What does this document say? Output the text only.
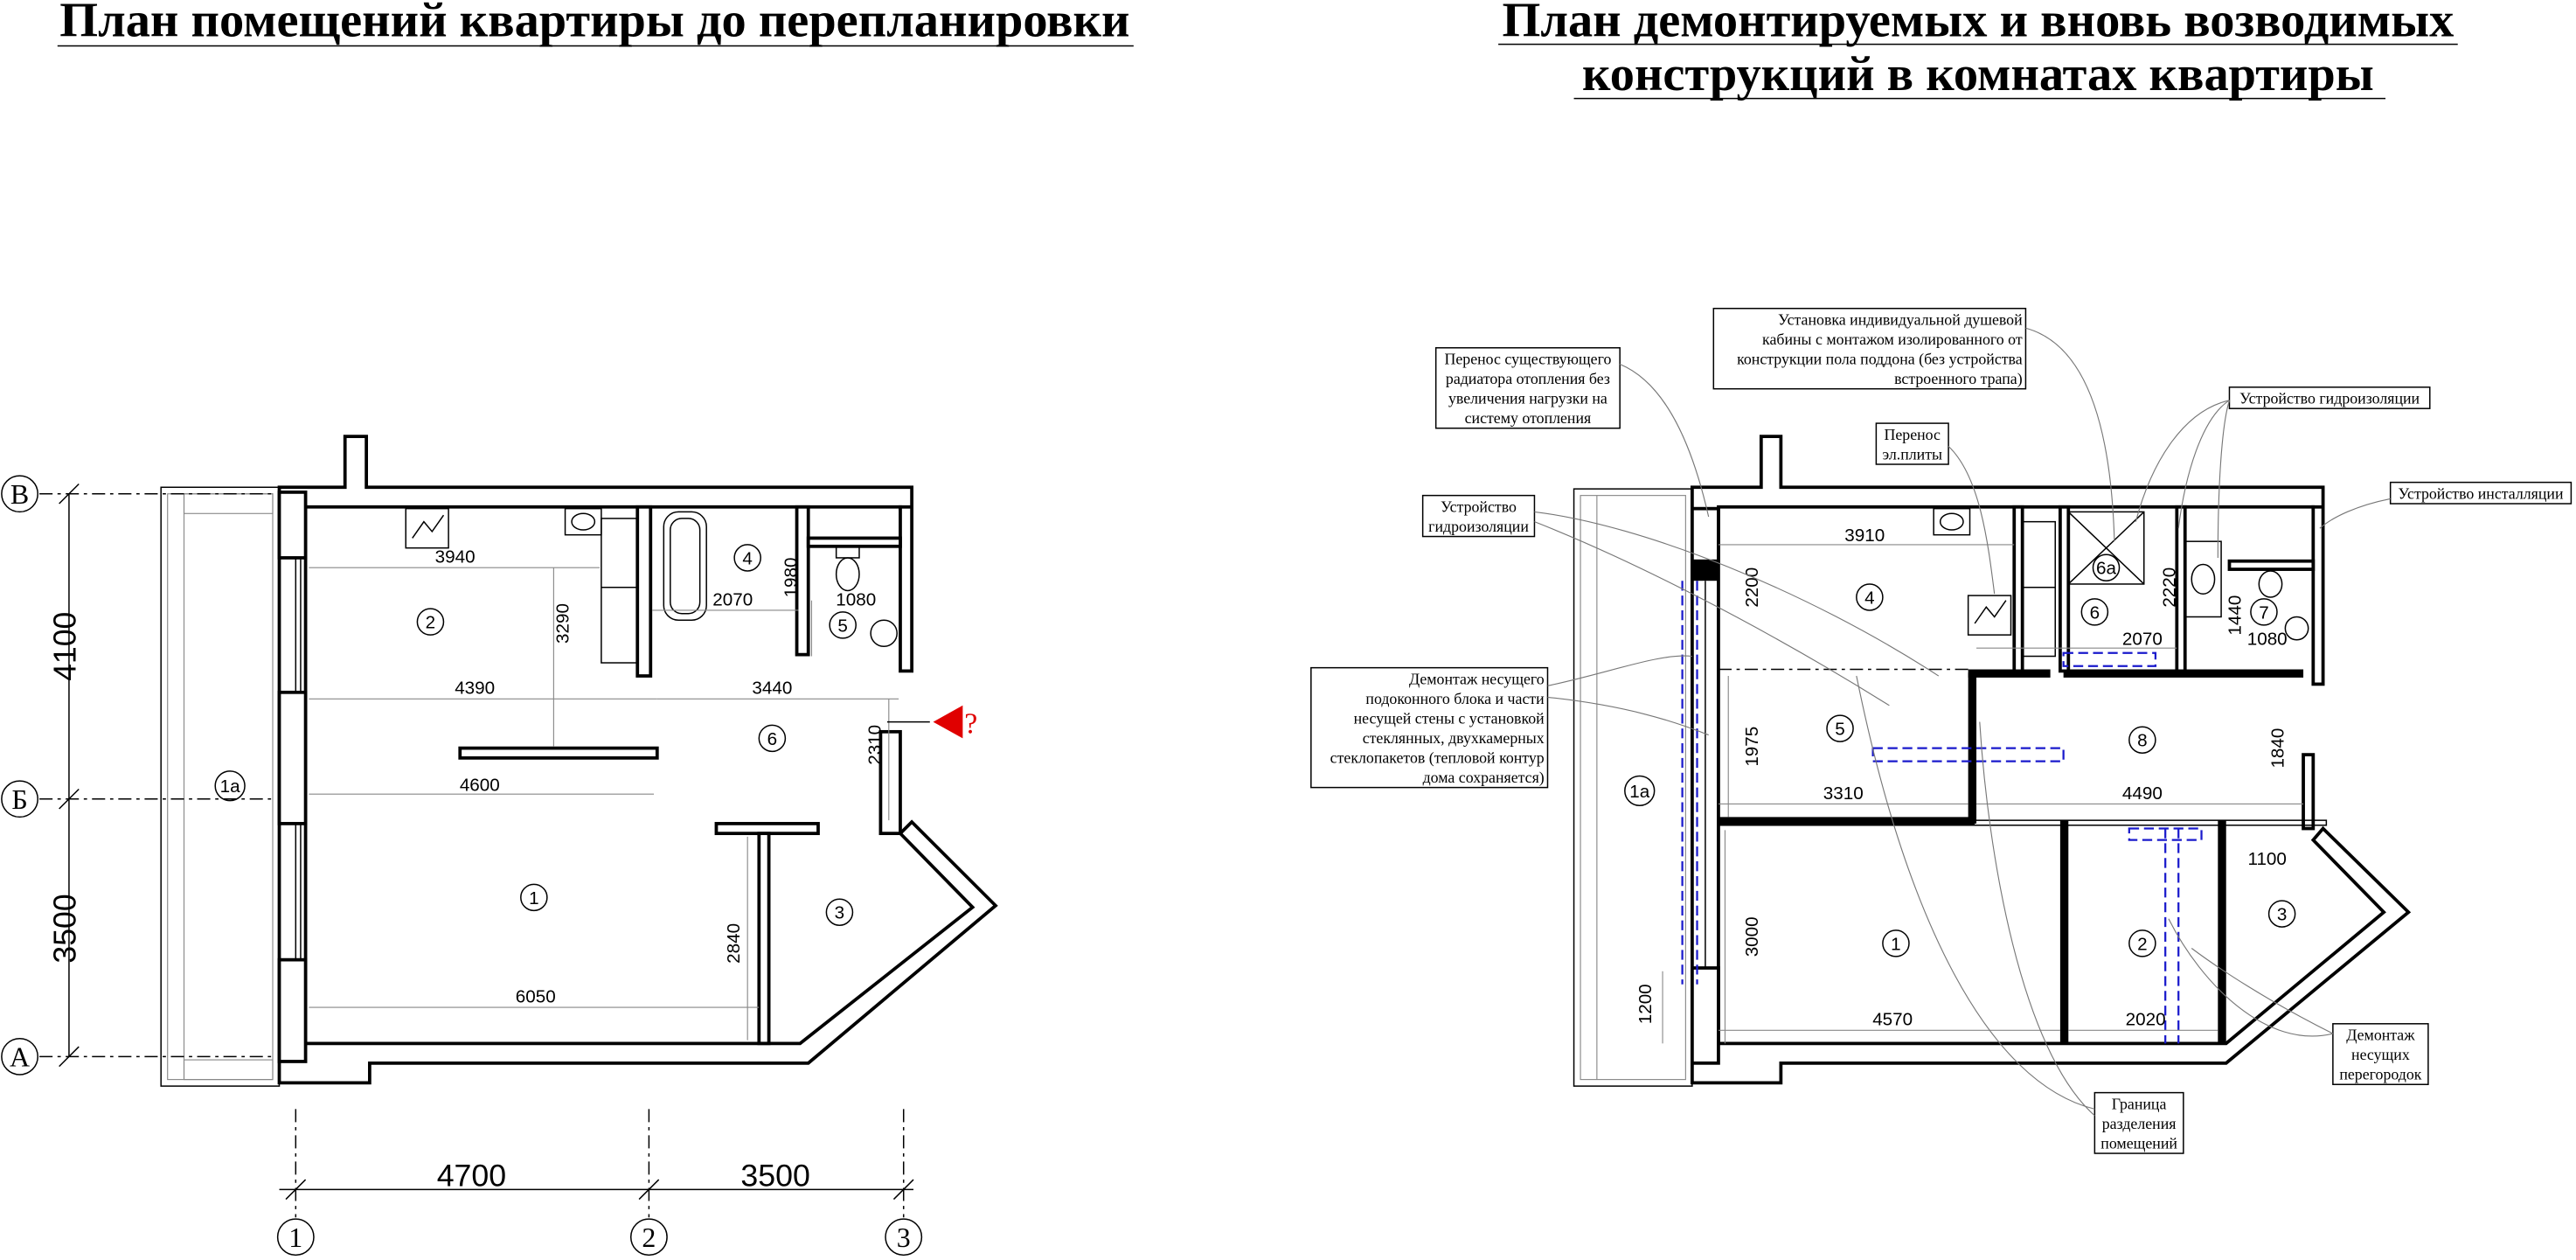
План помещений квартиры до перепланировки
3940
3290
2070
1980
1080
4390	3440
2310
4600
2840
6050
1
1а
2
3
4
5
6	?
4100
3500
В
Б
А
4700	3500
1	2	3
План демонтируемых и вновь возводимых
конструкций в комнатах квартиры
3910
2200	2220
1440
1080
2070
1975
3310	4490
1840
1100
3000
1200	4570	2020
1
1а
2
3
4
5
6
6а
7
8
Перенос существующего
радиатора отопления без
увеличения нагрузки на
систему отопления
Установка индивидуальной душевой
кабины с монтажом изолированного от
конструкции пола поддона (без устройства
встроенного трапа)
Устройство гидроизоляции
Перенос
эл.плиты
Устройство
гидроизоляции
Устройство инсталляции
Демонтаж несущего
подоконного блока и части
несущей стены с установкой
стеклянных, двухкамерных
стеклопакетов (тепловой контур
дома сохраняется)
Демонтаж
несущих
перегородок
Граница
разделения
помещений
